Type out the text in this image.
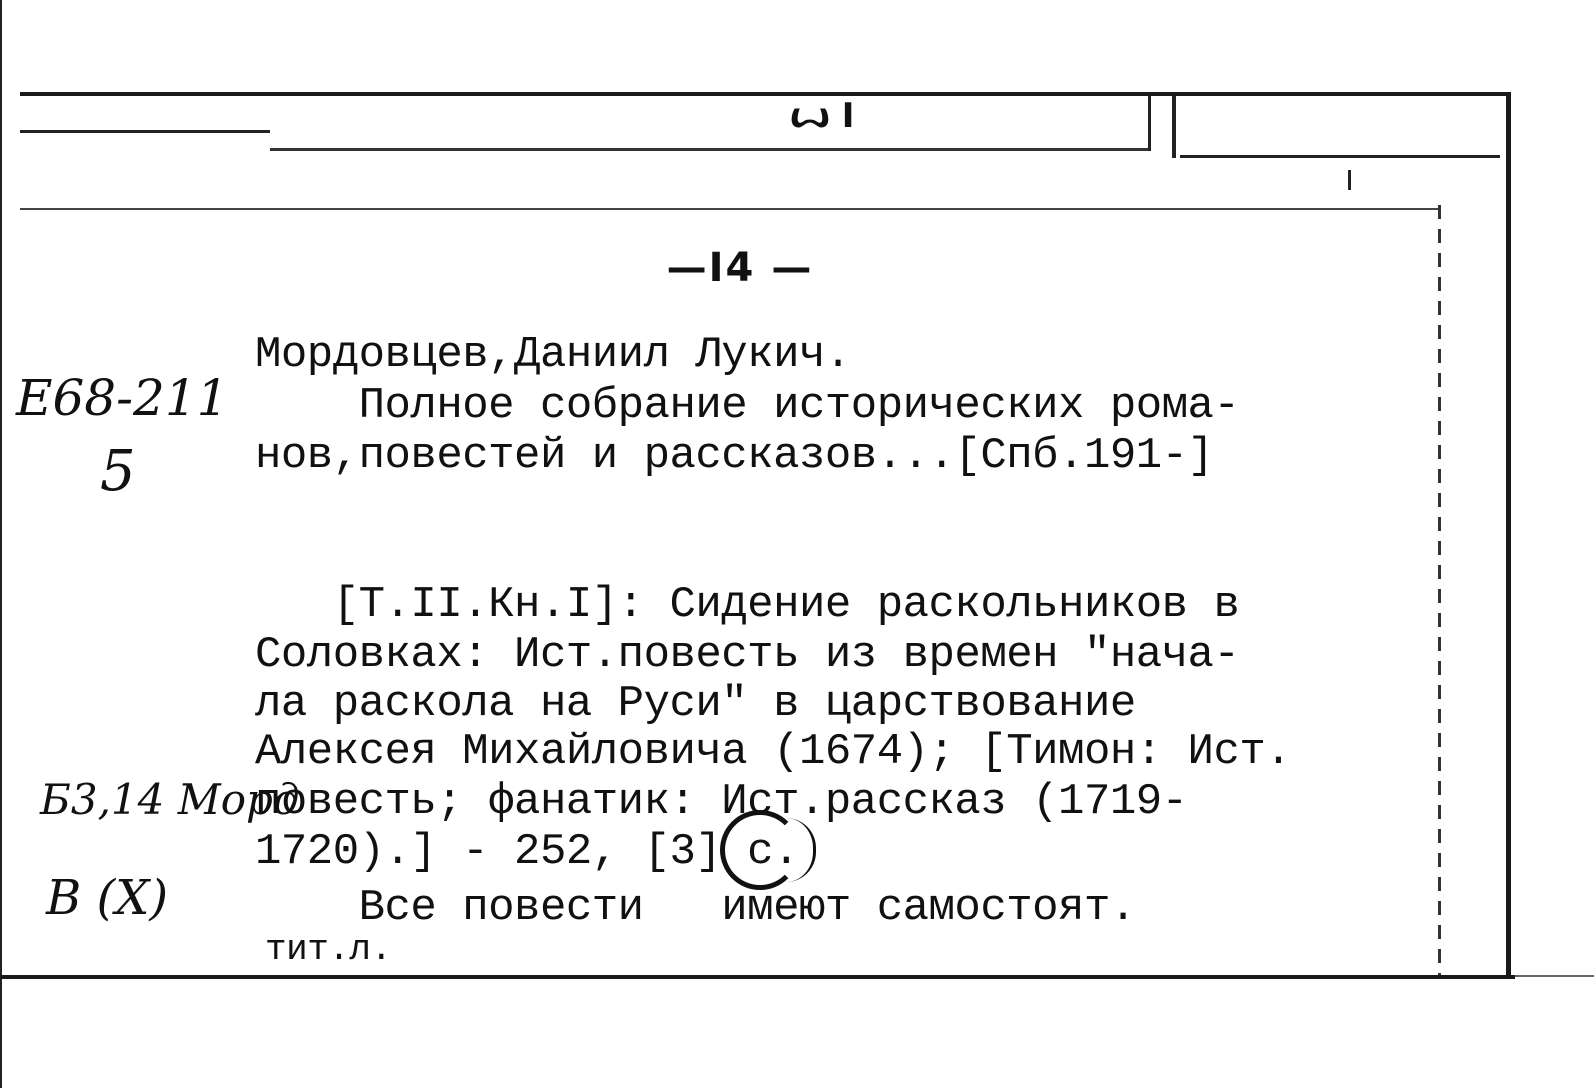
ꙍ I
—I4 —
E68-211
5
Б3,14 Морд
В (Х)
Мордовцев,Даниил Лукич.
Полное собрание исторических рома-
нов,повестей и рассказов...[Спб.191-]
[Т.II.Кн.I]: Сидение раскольников в
Соловках: Ист.повесть из времен "нача-
ла раскола на Руси" в царствование
Алексея Михайловича (1674); [Тимон: Ист.
повесть; фанатик: Ист.рассказ (1719-
1720).] - 252, [3] с.
Все повести   имеют самостоят.
тит.л.
